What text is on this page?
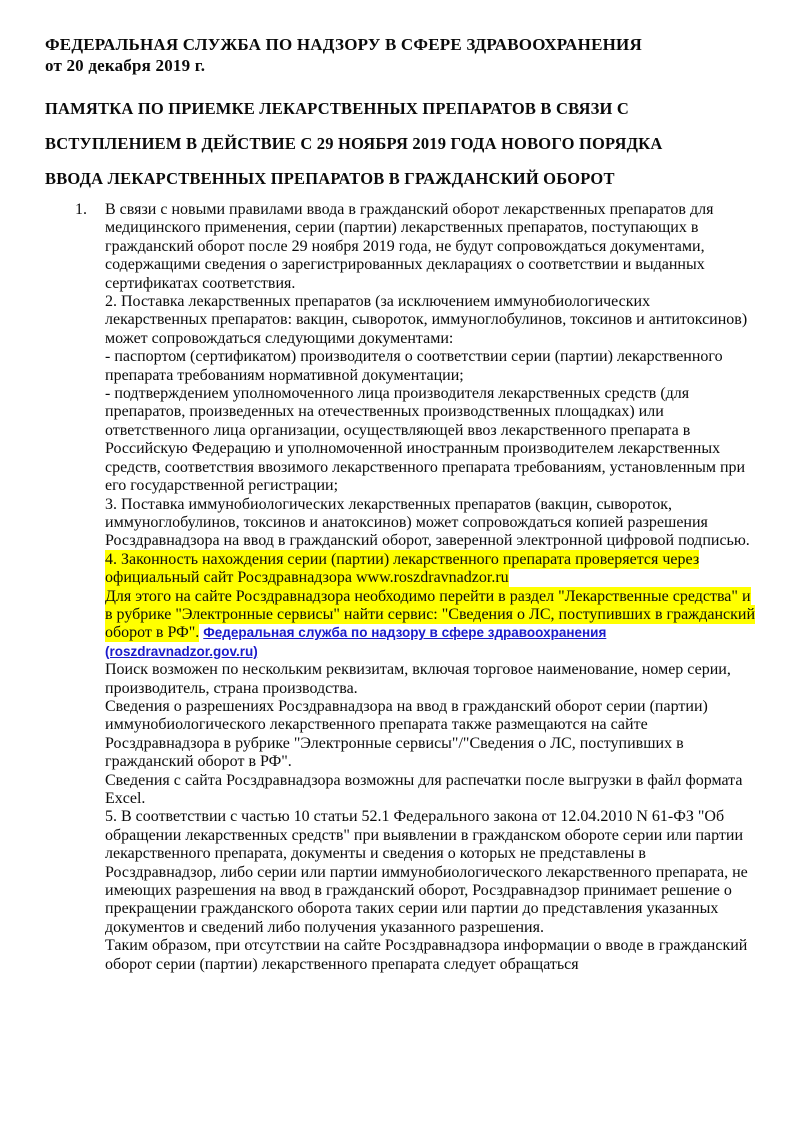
ФЕДЕРАЛЬНАЯ СЛУЖБА ПО НАДЗОРУ В СФЕРЕ ЗДРАВООХРАНЕНИЯ
от 20 декабря 2019 г.
ПАМЯТКА ПО ПРИЕМКЕ ЛЕКАРСТВЕННЫХ ПРЕПАРАТОВ В СВЯЗИ С
ВСТУПЛЕНИЕМ В ДЕЙСТВИЕ С 29 НОЯБРЯ 2019 ГОДА НОВОГО ПОРЯДКА
ВВОДА ЛЕКАРСТВЕННЫХ ПРЕПАРАТОВ В ГРАЖДАНСКИЙ ОБОРОТ
1. В связи с новыми правилами ввода в гражданский оборот лекарственных препаратов для медицинского применения, серии (партии) лекарственных препаратов, поступающих в гражданский оборот после 29 ноября 2019 года, не будут сопровождаться документами, содержащими сведения о зарегистрированных декларациях о соответствии и выданных сертификатах соответствия.

2. Поставка лекарственных препаратов (за исключением иммунобиологических лекарственных препаратов: вакцин, сывороток, иммуноглобулинов, токсинов и антитоксинов) может сопровождаться следующими документами:

- паспортом (сертификатом) производителя о соответствии серии (партии) лекарственного препарата требованиям нормативной документации;

- подтверждением уполномоченного лица производителя лекарственных средств (для препаратов, произведенных на отечественных производственных площадках) или ответственного лица организации, осуществляющей ввоз лекарственного препарата в Российскую Федерацию и уполномоченной иностранным производителем лекарственных средств, соответствия ввозимого лекарственного препарата требованиям, установленным при его государственной регистрации;

3. Поставка иммунобиологических лекарственных препаратов (вакцин, сывороток, иммуноглобулинов, токсинов и анатоксинов) может сопровождаться копией разрешения Росздравнадзора на ввод в гражданский оборот, заверенной электронной цифровой подписью.

4. Законность нахождения серии (партии) лекарственного препарата проверяется через официальный сайт Росздравнадзора www.roszdravnadzor.ru

Для этого на сайте Росздравнадзора необходимо перейти в раздел "Лекарственные средства" и в рубрике "Электронные сервисы" найти сервис: "Сведения о ЛС, поступивших в гражданский оборот в РФ". Федеральная служба по надзору в сфере здравоохранения (roszdravnadzor.gov.ru)

Поиск возможен по нескольким реквизитам, включая торговое наименование, номер серии, производитель, страна производства.

Сведения о разрешениях Росздравнадзора на ввод в гражданский оборот серии (партии) иммунобиологического лекарственного препарата также размещаются на сайте Росздравнадзора в рубрике "Электронные сервисы"/"Сведения о ЛС, поступивших в гражданский оборот в РФ".

Сведения с сайта Росздравнадзора возможны для распечатки после выгрузки в файл формата Excel.

5. В соответствии с частью 10 статьи 52.1 Федерального закона от 12.04.2010 N 61-ФЗ "Об обращении лекарственных средств" при выявлении в гражданском обороте серии или партии лекарственного препарата, документы и сведения о которых не представлены в Росздравнадзор, либо серии или партии иммунобиологического лекарственного препарата, не имеющих разрешения на ввод в гражданский оборот, Росздравнадзор принимает решение о прекращении гражданского оборота таких серии или партии до представления указанных документов и сведений либо получения указанного разрешения.

Таким образом, при отсутствии на сайте Росздравнадзора информации о вводе в гражданский оборот серии (партии) лекарственного препарата следует обращаться
